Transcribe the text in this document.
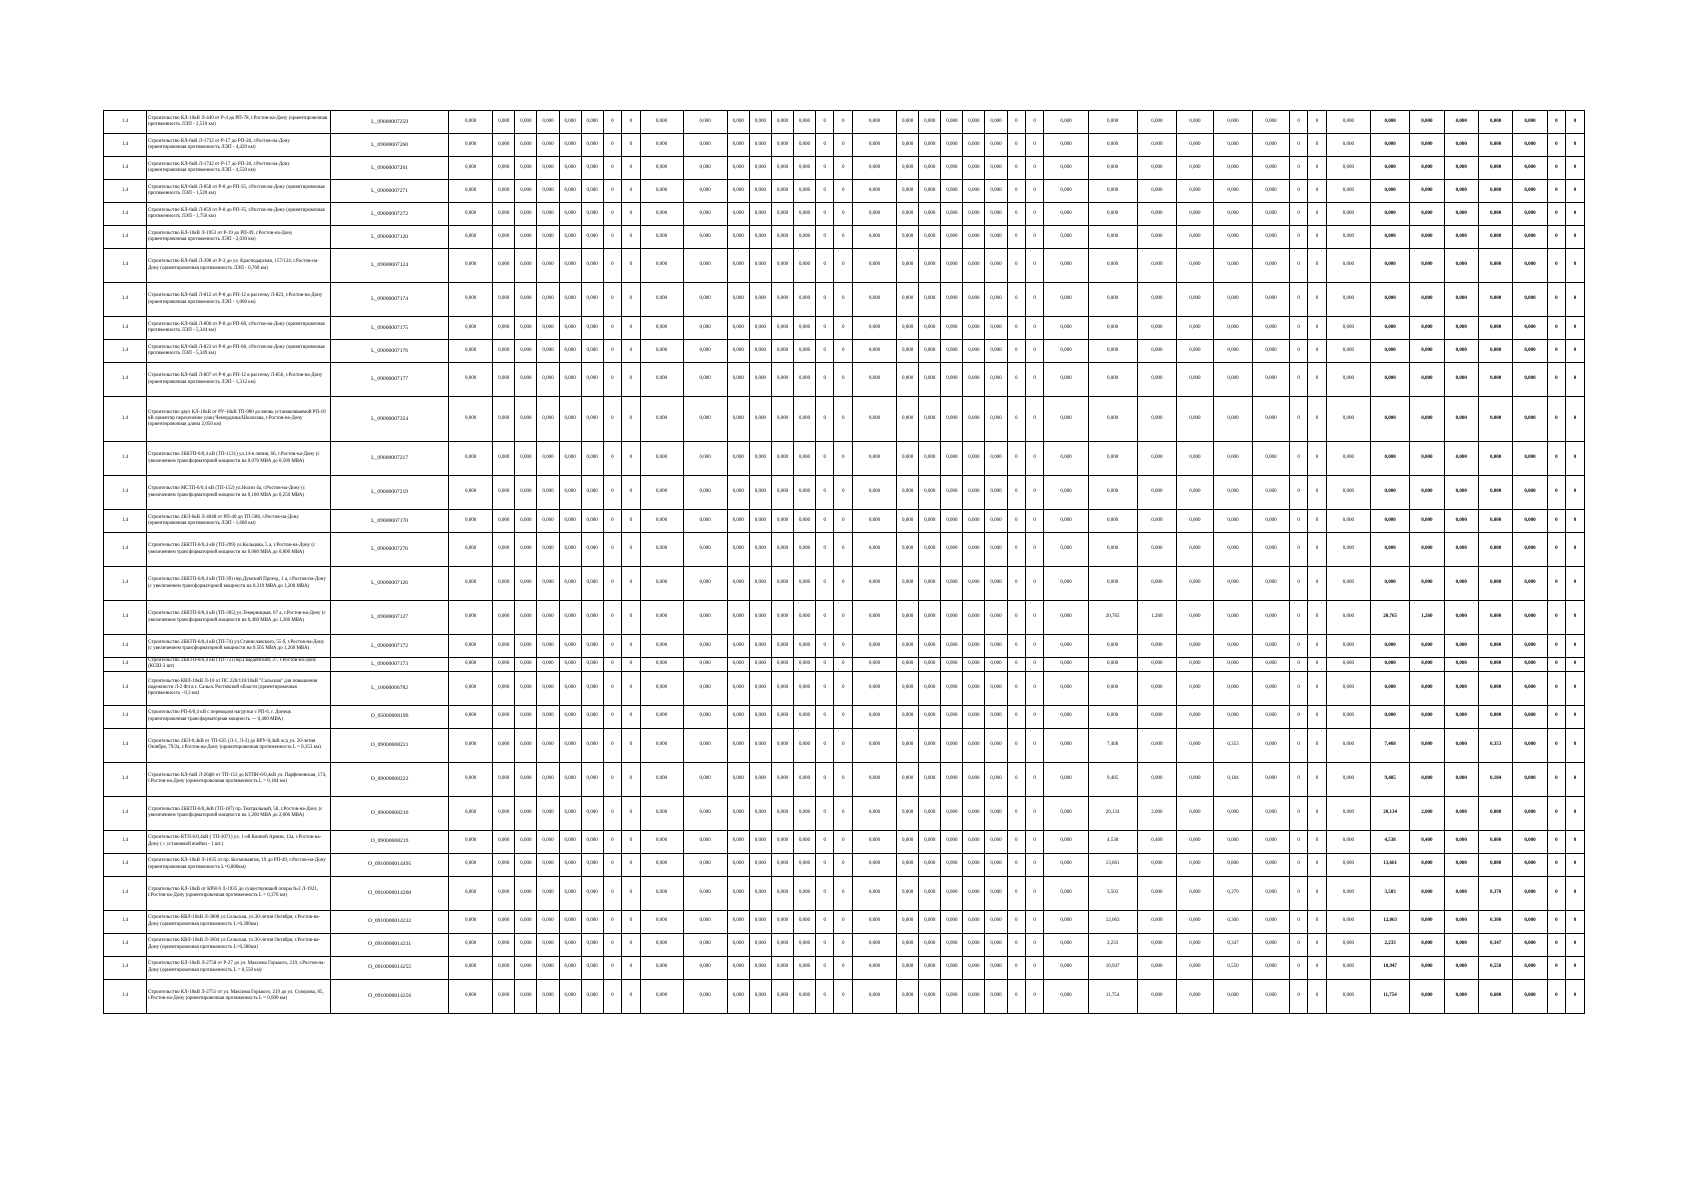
1.4	Строительство КЛ-10кВ Л-440 от Р-4 до РП-78, г.Ростов-на-Дону (ориентировочная протяженность ЛЭП - 2,510 км)	L_09000007259	0,000	0,000	0,000	0,000	0,000	0,000	0	0	0,000	0,000	0,000	0,000	0,000	0,000	0	0	0,000	0,000	0,000	0,000	0,000	0,000	0	0	0,000	0,000	0,000	0,000	0,000	0,000	0	0	0,000	0,000	0,000	0,000	0,000	0,000	0	0
1.4	Строительство КЛ-6кВ Л-1732 от Р-17 до РП-28, г.Ростов-на-Дону (ориентировочная протяженность ЛЭП - 4,420 км)	L_09000007260	0,000	0,000	0,000	0,000	0,000	0,000	0	0	0,000	0,000	0,000	0,000	0,000	0,000	0	0	0,000	0,000	0,000	0,000	0,000	0,000	0	0	0,000	0,000	0,000	0,000	0,000	0,000	0	0	0,000	0,000	0,000	0,000	0,000	0,000	0	0
1.4	Строительство КЛ-6кВ Л-1742 от Р-17 до РП-28, г.Ростов-на-Дону (ориентировочная протяженность ЛЭП - 4,550 км)	L_09000007261	0,000	0,000	0,000	0,000	0,000	0,000	0	0	0,000	0,000	0,000	0,000	0,000	0,000	0	0	0,000	0,000	0,000	0,000	0,000	0,000	0	0	0,000	0,000	0,000	0,000	0,000	0,000	0	0	0,000	0,000	0,000	0,000	0,000	0,000	0	0
1.4	Строительство КЛ-6кВ Л-858 от Р-8 до РП-35, г.Ростов-на-Дону (ориентировочная протяженность ЛЭП - 1,520 км)	L_09000007271	0,000	0,000	0,000	0,000	0,000	0,000	0	0	0,000	0,000	0,000	0,000	0,000	0,000	0	0	0,000	0,000	0,000	0,000	0,000	0,000	0	0	0,000	0,000	0,000	0,000	0,000	0,000	0	0	0,000	0,000	0,000	0,000	0,000	0,000	0	0
1.4	Строительство КЛ-6кВ Л-859 от Р-8 до РП-35, г.Ростов-на-Дону (ориентировочная протяженность ЛЭП - 1,750 км)	L_09000007272	0,000	0,000	0,000	0,000	0,000	0,000	0	0	0,000	0,000	0,000	0,000	0,000	0,000	0	0	0,000	0,000	0,000	0,000	0,000	0,000	0	0	0,000	0,000	0,000	0,000	0,000	0,000	0	0	0,000	0,000	0,000	0,000	0,000	0,000	0	0
1.4	Строительство КЛ-10кВ Л-1953 от Р-19 до РП-49, г.Ростов-на-Дону (ориентировочная протяженность ЛЭП - 2,030 км)	L_09000007120	0,000	0,000	0,000	0,000	0,000	0,000	0	0	0,000	0,000	0,000	0,000	0,000	0,000	0	0	0,000	0,000	0,000	0,000	0,000	0,000	0	0	0,000	0,000	0,000	0,000	0,000	0,000	0	0	0,000	0,000	0,000	0,000	0,000	0,000	0	0
1.4	Строительство КЛ-6кВ Л-398 от Р-3 до ул. Краснодарская, 157/124, г.Ростов-на-Дону (ориентировочная протяженность ЛЭП - 0,760 км)	L_09000007124	0,000	0,000	0,000	0,000	0,000	0,000	0	0	0,000	0,000	0,000	0,000	0,000	0,000	0	0	0,000	0,000	0,000	0,000	0,000	0,000	0	0	0,000	0,000	0,000	0,000	0,000	0,000	0	0	0,000	0,000	0,000	0,000	0,000	0,000	0	0
1.4	Строительство КЛ-6кВ Л-812 от Р-8 до РП-12 в рассечку Л-823, г.Ростов-на-Дону (ориентировочная протяженность ЛЭП - 1,000 км)	L_09000007174	0,000	0,000	0,000	0,000	0,000	0,000	0	0	0,000	0,000	0,000	0,000	0,000	0,000	0	0	0,000	0,000	0,000	0,000	0,000	0,000	0	0	0,000	0,000	0,000	0,000	0,000	0,000	0	0	0,000	0,000	0,000	0,000	0,000	0,000	0	0
1.4	Строительство КЛ-6кВ Л-806 от Р-8 до РП-68, г.Ростов-на-Дону (ориентировочная протяженность ЛЭП - 5,344 км)	L_09000007175	0,000	0,000	0,000	0,000	0,000	0,000	0	0	0,000	0,000	0,000	0,000	0,000	0,000	0	0	0,000	0,000	0,000	0,000	0,000	0,000	0	0	0,000	0,000	0,000	0,000	0,000	0,000	0	0	0,000	0,000	0,000	0,000	0,000	0,000	0	0
1.4	Строительство КЛ-6кВ Л-823 от Р-8 до РП-68, г.Ростов-на-Дону (ориентировочная протяженность ЛЭП - 5,349 км)	L_09000007176	0,000	0,000	0,000	0,000	0,000	0,000	0	0	0,000	0,000	0,000	0,000	0,000	0,000	0	0	0,000	0,000	0,000	0,000	0,000	0,000	0	0	0,000	0,000	0,000	0,000	0,000	0,000	0	0	0,000	0,000	0,000	0,000	0,000	0,000	0	0
1.4	Строительство КЛ-6кВ Л-807 от Р-8 до РП-12 в рассечку Л-856, г.Ростов-на-Дону (ориентировочная протяженность ЛЭП - 1,312 км)	L_09000007177	0,000	0,000	0,000	0,000	0,000	0,000	0	0	0,000	0,000	0,000	0,000	0,000	0,000	0	0	0,000	0,000	0,000	0,000	0,000	0,000	0	0	0,000	0,000	0,000	0,000	0,000	0,000	0	0	0,000	0,000	0,000	0,000	0,000	0,000	0	0
1.4	Строительство двух КЛ-10кВ от РУ-10кВ ТП-980 до вновь устанавливаемой РП-10 кВ ориентир пересечение улиц Чемордачка/Шолохова, г.Ростов-на-Дону (ориентировочная длина 2,056 км)	L_09000007354	0,000	0,000	0,000	0,000	0,000	0,000	0	0	0,000	0,000	0,000	0,000	0,000	0,000	0	0	0,000	0,000	0,000	0,000	0,000	0,000	0	0	0,000	0,000	0,000	0,000	0,000	0,000	0	0	0,000	0,000	0,000	0,000	0,000	0,000	0	0
1.4	Строительство 2БКТП-6/0,4 кВ (ТП-1131) ул.14-я линия, 66, г.Ростов-на-Дону (с увеличением трансформаторной мощности на 0,070 МВА до 0,500 МВА)	L_09000007217	0,000	0,000	0,000	0,000	0,000	0,000	0	0	0,000	0,000	0,000	0,000	0,000	0,000	0	0	0,000	0,000	0,000	0,000	0,000	0,000	0	0	0,000	0,000	0,000	0,000	0,000	0,000	0	0	0,000	0,000	0,000	0,000	0,000	0,000	0	0
1.4	Строительство МСТП-6/0,4 кВ (ТП-152) ул.Нолзи 4а, г.Ростов-на-Дону (с увеличением трансформаторной мощности на 0,180 МВА до 0,250 МВА)	L_09000007219	0,000	0,000	0,000	0,000	0,000	0,000	0	0	0,000	0,000	0,000	0,000	0,000	0,000	0	0	0,000	0,000	0,000	0,000	0,000	0,000	0	0	0,000	0,000	0,000	0,000	0,000	0,000	0	0	0,000	0,000	0,000	0,000	0,000	0,000	0	0
1.4	Строительство 2КЛ-6кВ Л-4048 от РП-40 до ТП-588, г.Ростов-на-Дону (ориентировочная протяженность ЛЭП - 1,680 км)	L_09000007170	0,000	0,000	0,000	0,000	0,000	0,000	0	0	0,000	0,000	0,000	0,000	0,000	0,000	0	0	0,000	0,000	0,000	0,000	0,000	0,000	0	0	0,000	0,000	0,000	0,000	0,000	0,000	0	0	0,000	0,000	0,000	0,000	0,000	0,000	0	0
1.4	Строительство 2БКТП-6/0,4 кВ (ТП-299) ул.Кольцова, 5 а, г.Ростов-на-Дону (с увеличением трансформаторной мощности на 0,080 МВА до 0,800 МВА)	L_09000007276	0,000	0,000	0,000	0,000	0,000	0,000	0	0	0,000	0,000	0,000	0,000	0,000	0,000	0	0	0,000	0,000	0,000	0,000	0,000	0,000	0	0	0,000	0,000	0,000	0,000	0,000	0,000	0	0	0,000	0,000	0,000	0,000	0,000	0,000	0	0
1.4	Строительство 2БКТП-6/0,4 кВ (ТП-39) пер.Думский Проезд, 1 а, г.Ростов-на-Дону (с увеличением трансформаторной мощности на 0,310 МВА до 1,200 МВА)	L_09000007126	0,000	0,000	0,000	0,000	0,000	0,000	0	0	0,000	0,000	0,000	0,000	0,000	0,000	0	0	0,000	0,000	0,000	0,000	0,000	0,000	0	0	0,000	0,000	0,000	0,000	0,000	0,000	0	0	0,000	0,000	0,000	0,000	0,000	0,000	0	0
1.4	Строительство 2БКТП-6/0,4 кВ (ТП-305) ул.Темерницкая, 67 а, г.Ростов-на-Дону (с увеличением трансформаторной мощности на 0,460 МВА до 1,260 МВА)	L_09000007127	0,000	0,000	0,000	0,000	0,000	0,000	0	0	0,000	0,000	0,000	0,000	0,000	0,000	0	0	0,000	0,000	0,000	0,000	0,000	0,000	0	0	0,000	20,765	1,260	0,000	0,000	0,000	0	0	0,000	20,765	1,260	0,000	0,000	0,000	0	0
1.4	Строительство 2БКТП-6/0,4 кВ (ТП-74) ул.Станиславского, 55 б, г.Ростов-на-Дону (с увеличением трансформаторной мощности на 0,565 МВА до 1,260 МВА)	L_09000007172	0,000	0,000	0,000	0,000	0,000	0,000	0	0	0,000	0,000	0,000	0,000	0,000	0,000	0	0	0,000	0,000	0,000	0,000	0,000	0,000	0	0	0,000	0,000	0,000	0,000	0,000	0,000	0	0	0,000	0,000	0,000	0,000	0,000	0,000	0	0
1.4	Строительство 2БКТП-6/0,4 кВ (ТП-72) пер.Гвардейский, 27, г.Ростов-на-Дону (КСШ-3 шт)	L_09000007173	0,000	0,000	0,000	0,000	0,000	0,000	0	0	0,000	0,000	0,000	0,000	0,000	0,000	0	0	0,000	0,000	0,000	0,000	0,000	0,000	0	0	0,000	0,000	0,000	0,000	0,000	0,000	0	0	0,000	0,000	0,000	0,000	0,000	0,000	0	0
1.4	Строительство КВЛ-10кВ Л-10 от ПС 220/110/10кВ "Сальская" для повышения надежности Л-2 Ф4 в г. Сальск Ростовской области (ориентировочная протяженность - 0,3 км)	L_10000006782	0,000	0,000	0,000	0,000	0,000	0,000	0	0	0,000	0,000	0,000	0,000	0,000	0,000	0	0	0,000	0,000	0,000	0,000	0,000	0,000	0	0	0,000	0,000	0,000	0,000	0,000	0,000	0	0	0,000	0,000	0,000	0,000	0,000	0,000	0	0
1.4	Строительство РП-6/0,4 кВ с переводом нагрузки с РП-6, г. Донецк (ориентировочная трансформаторная мощность — 0,400 МВА)	O_05000008196	0,000	0,000	0,000	0,000	0,000	0,000	0	0	0,000	0,000	0,000	0,000	0,000	0,000	0	0	0,000	0,000	0,000	0,000	0,000	0,000	0	0	0,000	0,000	0,000	0,000	0,000	0,000	0	0	0,000	0,000	0,000	0,000	0,000	0,000	0	0
1.4	Строительство 2КЛ-0,4кВ от ТП-625 (Л-1, Л-3) до ВРУ-0,4кВ ж/д ул. 20-летия Октября, 79/2а, г.Ростов-на-Дону (ориентировочная протяженность L = 0,353 км)	O_09000008221	0,000	0,000	0,000	0,000	0,000	0,000	0	0	0,000	0,000	0,000	0,000	0,000	0,000	0	0	0,000	0,000	0,000	0,000	0,000	0,000	0	0	0,000	7,468	0,000	0,000	0,353	0,000	0	0	0,000	7,468	0,000	0,000	0,353	0,000	0	0
1.4	Строительство КЛ-6кВ Л-26ф6 от ТП-153 до КТПН-6/0,4кВ ул. Парфеновская, 174, г.Ростов-на-Дону (ориентировочная протяженность L = 0,184 км)	O_09000008222	0,000	0,000	0,000	0,000	0,000	0,000	0	0	0,000	0,000	0,000	0,000	0,000	0,000	0	0	0,000	0,000	0,000	0,000	0,000	0,000	0	0	0,000	9,485	0,000	0,000	0,184	0,000	0	0	0,000	9,485	0,000	0,000	0,184	0,000	0	0
1.4	Строительство 2БКТП-6/0,4кВ (ТП-187) пр. Театральный, 58, г.Ростов-на-Дону (с увеличением трансформаторной мощности на 1,260 МВА до 2,000 МВА)	O_09000008216	0,000	0,000	0,000	0,000	0,000	0,000	0	0	0,000	0,000	0,000	0,000	0,000	0,000	0	0	0,000	0,000	0,000	0,000	0,000	0,000	0	0	0,000	20,134	2,000	0,000	0,000	0,000	0	0	0,000	20,134	2,000	0,000	0,000	0,000	0	0
1.4	Строительство КТП-6/0,4кВ ( ТП-3071) ул. 1-ой Конной Армии, 13а, г.Ростов-на-Дону ( с установкой ячейки - 1 шт.)	O_09000008219	0,000	0,000	0,000	0,000	0,000	0,000	0	0	0,000	0,000	0,000	0,000	0,000	0,000	0	0	0,000	0,000	0,000	0,000	0,000	0,000	0	0	0,000	4,538	0,400	0,000	0,000	0,000	0	0	0,000	4,538	0,400	0,000	0,000	0,000	0	0
1.4	Строительство КЛ-10кВ Л-1035 от пр. Космонавтов, 19 до РП-49, г.Ростов-на-Дону (ориентировочная протяженность L=0,800км)	O_0910000014495	0,000	0,000	0,000	0,000	0,000	0,000	0	0	0,000	0,000	0,000	0,000	0,000	0,000	0	0	0,000	0,000	0,000	0,000	0,000	0,000	0	0	0,000	13,661	0,000	0,000	0,800	0,000	0	0	0,000	13,661	0,000	0,000	0,800	0,000	0	0
1.4	Строительство КЛ-10кВ от КРН-9 Л-1935 до существующей опоры №2 Л-1921, г.Ростов-на-Дону (ориентировочная протяженность L = 0,370 км)	O_0910000014260	0,000	0,000	0,000	0,000	0,000	0,000	0	0	0,000	0,000	0,000	0,000	0,000	0,000	0	0	0,000	0,000	0,000	0,000	0,000	0,000	0	0	0,000	3,503	0,000	0,000	0,370	0,000	0	0	0,000	3,503	0,000	0,000	0,370	0,000	0	0
1.4	Строительство КВЛ-10кВ Л-3808 ул.Сельская, ул.30-летия Октября, г.Ростов-на-Дону (ориентировочная протяженность L=0,300км)	O_0910000014232	0,000	0,000	0,000	0,000	0,000	0,000	0	0	0,000	0,000	0,000	0,000	0,000	0,000	0	0	0,000	0,000	0,000	0,000	0,000	0,000	0	0	0,000	12,063	0,000	0,000	0,300	0,000	0	0	0,000	12,063	0,000	0,000	0,300	0,000	0	0
1.4	Строительство КВЛ-10кВ Л-3004 ул.Сельская, ул.30-летия Октября, г.Ростов-на-Дону (ориентировочная протяженность L=0,300км)	O_0910000014231	0,000	0,000	0,000	0,000	0,000	0,000	0	0	0,000	0,000	0,000	0,000	0,000	0,000	0	0	0,000	0,000	0,000	0,000	0,000	0,000	0	0	0,000	2,233	0,000	0,000	0,347	0,000	0	0	0,000	2,233	0,000	0,000	0,347	0,000	0	0
1.4	Строительство КЛ-10кВ Л-2758 от Р-27 до ул. Максима Горького, 219, г.Ростов-на-Дону (ориентировочная протяженность L = 0,550 км)	O_0910000014255	0,000	0,000	0,000	0,000	0,000	0,000	0	0	0,000	0,000	0,000	0,000	0,000	0,000	0	0	0,000	0,000	0,000	0,000	0,000	0,000	0	0	0,000	10,947	0,000	0,000	0,550	0,000	0	0	0,000	10,947	0,000	0,000	0,550	0,000	0	0
1.4	Строительство КЛ-10кВ Л-2751 от ул. Максима Горького, 219 до ул. Суворова, 85, г.Ростов-на-Дону (ориентировочная протяженность L = 0,600 км)	O_0910000014256	0,000	0,000	0,000	0,000	0,000	0,000	0	0	0,000	0,000	0,000	0,000	0,000	0,000	0	0	0,000	0,000	0,000	0,000	0,000	0,000	0	0	0,000	11,754	0,000	0,000	0,600	0,000	0	0	0,000	11,754	0,000	0,000	0,600	0,000	0	0
